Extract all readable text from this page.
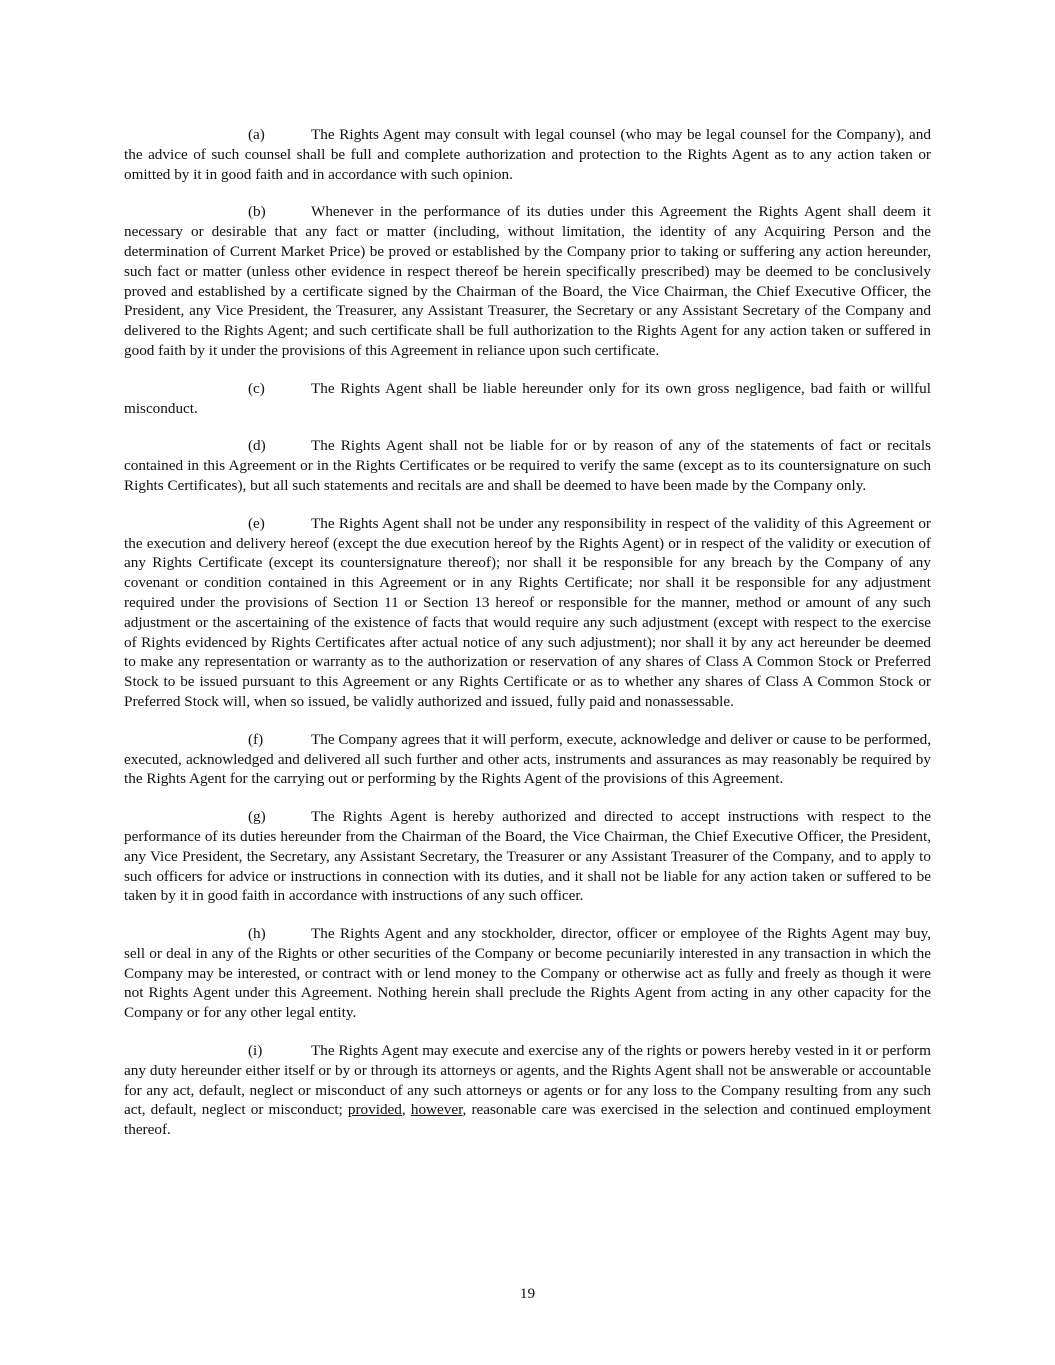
(a)	The Rights Agent may consult with legal counsel (who may be legal counsel for the Company), and the advice of such counsel shall be full and complete authorization and protection to the Rights Agent as to any action taken or omitted by it in good faith and in accordance with such opinion.

(b)	Whenever in the performance of its duties under this Agreement the Rights Agent shall deem it necessary or desirable that any fact or matter (including, without limitation, the identity of any Acquiring Person and the determination of Current Market Price) be proved or established by the Company prior to taking or suffering any action hereunder, such fact or matter (unless other evidence in respect thereof be herein specifically prescribed) may be deemed to be conclusively proved and established by a certificate signed by the Chairman of the Board, the Vice Chairman, the Chief Executive Officer, the President, any Vice President, the Treasurer, any Assistant Treasurer, the Secretary or any Assistant Secretary of the Company and delivered to the Rights Agent; and such certificate shall be full authorization to the Rights Agent for any action taken or suffered in good faith by it under the provisions of this Agreement in reliance upon such certificate.

(c)	The Rights Agent shall be liable hereunder only for its own gross negligence, bad faith or willful misconduct.

(d)	The Rights Agent shall not be liable for or by reason of any of the statements of fact or recitals contained in this Agreement or in the Rights Certificates or be required to verify the same (except as to its countersignature on such Rights Certificates), but all such statements and recitals are and shall be deemed to have been made by the Company only.

(e)	The Rights Agent shall not be under any responsibility in respect of the validity of this Agreement or the execution and delivery hereof (except the due execution hereof by the Rights Agent) or in respect of the validity or execution of any Rights Certificate (except its countersignature thereof); nor shall it be responsible for any breach by the Company of any covenant or condition contained in this Agreement or in any Rights Certificate; nor shall it be responsible for any adjustment required under the provisions of Section 11 or Section 13 hereof or responsible for the manner, method or amount of any such adjustment or the ascertaining of the existence of facts that would require any such adjustment (except with respect to the exercise of Rights evidenced by Rights Certificates after actual notice of any such adjustment); nor shall it by any act hereunder be deemed to make any representation or warranty as to the authorization or reservation of any shares of Class A Common Stock or Preferred Stock to be issued pursuant to this Agreement or any Rights Certificate or as to whether any shares of Class A Common Stock or Preferred Stock will, when so issued, be validly authorized and issued, fully paid and nonassessable.

(f)	The Company agrees that it will perform, execute, acknowledge and deliver or cause to be performed, executed, acknowledged and delivered all such further and other acts, instruments and assurances as may reasonably be required by the Rights Agent for the carrying out or performing by the Rights Agent of the provisions of this Agreement.

(g)	The Rights Agent is hereby authorized and directed to accept instructions with respect to the performance of its duties hereunder from the Chairman of the Board, the Vice Chairman, the Chief Executive Officer, the President, any Vice President, the Secretary, any Assistant Secretary, the Treasurer or any Assistant Treasurer of the Company, and to apply to such officers for advice or instructions in connection with its duties, and it shall not be liable for any action taken or suffered to be taken by it in good faith in accordance with instructions of any such officer.

(h)	The Rights Agent and any stockholder, director, officer or employee of the Rights Agent may buy, sell or deal in any of the Rights or other securities of the Company or become pecuniarily interested in any transaction in which the Company may be interested, or contract with or lend money to the Company or otherwise act as fully and freely as though it were not Rights Agent under this Agreement. Nothing herein shall preclude the Rights Agent from acting in any other capacity for the Company or for any other legal entity.

(i)	The Rights Agent may execute and exercise any of the rights or powers hereby vested in it or perform any duty hereunder either itself or by or through its attorneys or agents, and the Rights Agent shall not be answerable or accountable for any act, default, neglect or misconduct of any such attorneys or agents or for any loss to the Company resulting from any such act, default, neglect or misconduct; provided, however, reasonable care was exercised in the selection and continued employment thereof.

19
